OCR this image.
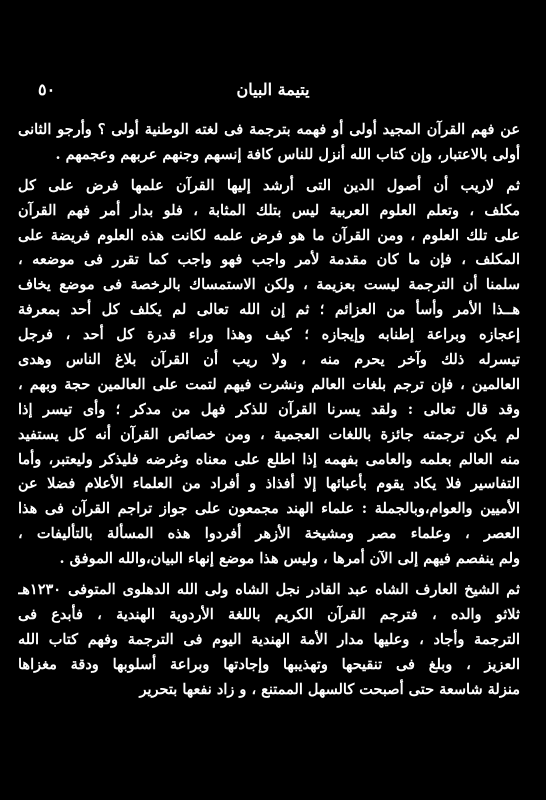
يتيمة البيان
٥٠
عن فهم القرآن المجيد أولى أو فهمه بترجمة فى لغته الوطنية أولى ؟ وأرجو الثانى
أولى بالاعتبار، وإن كتاب الله أنزل للناس كافة إنسهم وجنهم عربهم وعجمهم .
ثم لاريب أن أصول الدين التى أرشد إليها القرآن علمها فرض على كل
مكلف ، وتعلم العلوم العربية ليس بتلك المثابة ، فلو بدار أمر فهم القرآن
على تلك العلوم ، ومن القرآن ما هو فرض علمه لكانت هذه العلوم فريضة على
المكلف ، فإن ما كان مقدمة لأمر واجب فهو واجب كما تقرر فى موضعه ،
سلمنا أن الترجمة ليست بعزيمة ، ولكن الاستمساك بالرخصة فى موضع يخاف
هــذا الأمر وأسأ من العزائم ؛ ثم إن الله تعالى لم يكلف كل أحد بمعرفة
إعجازه وبراعة إطنابه وإيجازه ؛ كيف وهذا وراء قدرة كل أحد ، فرجل
تيسرله ذلك وآخر يحرم منه ، ولا ريب أن القرآن بلاغ الناس وهدى
العالمين ، فإن ترجم بلغات العالم ونشرت فيهم لتمت على العالمين حجة وبهم ،
وقد قال تعالى : ولقد يسرنا القرآن للذكر فهل من مدكر ؛ وأى تيسر إذا
لم يكن ترجمته جائزة باللغات العجمية ، ومن خصائص القرآن أنه كل يستفيد
منه العالم بعلمه والعامى بفهمه إذا اطلع على معناه وغرضه فليذكر وليعتبر، وأما
التفاسير فلا يكاد يقوم بأعبائها إلا أفذاذ و أفراد من العلماء الأعلام فضلا عن
الأميين والعوام،وبالجملة : علماء الهند مجمعون على جواز تراجم القرآن فى هذا
العصر ، وعلماء مصر ومشيخة الأزهر أفردوا هذه المسألة بالتأليفات ،
ولم ينفصم فيهم إلى الآن أمرها ، وليس هذا موضع إنهاء البيان،والله الموفق .
ثم الشيخ العارف الشاه عبد القادر نجل الشاه ولى الله الدهلوى المتوفى ١٢٣٠هـ
ثلاثو والده ، فترجم القرآن الكريم باللغة الأردوية الهندية ، فأبدع فى
الترجمة وأجاد ، وعليها مدار الأمة الهندية اليوم فى الترجمة وفهم كتاب الله
العزيز ، وبلغ فى تنقيحها وتهذيبها وإجادتها وبراعة أسلوبها ودقة مغزاها
منزلة شاسعة حتى أصبحت كالسهل الممتنع ، و زاد نفعها بتحرير
